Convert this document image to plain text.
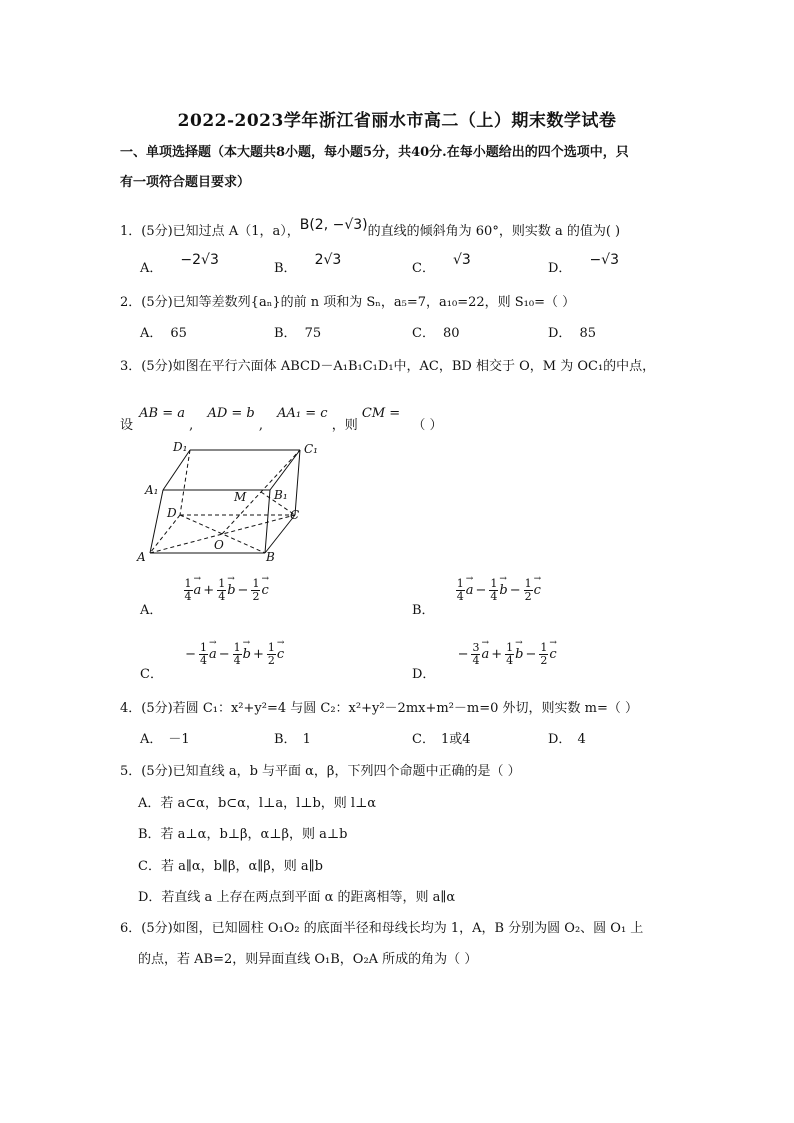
2022-2023学年浙江省丽水市高二（上）期末数学试卷
一、单项选择题（本大题共8小题，每小题5分，共40分.在每小题给出的四个选项中，只
有一项符合题目要求）
1．(5分)已知过点 A（1，a），B(2, −√3)的直线的倾斜角为 60°，则实数 a 的值为( )
A．−2√3
B．2√3
C．√3
D．−√3
2．(5分)已知等差数列{aₙ}的前 n 项和为 Sₙ，a₅=7，a₁₀=22，则 S₁₀=（ ）
A． 65	B． 75	C． 80	D． 85
3．(5分)如图在平行六面体 ABCD－A₁B₁C₁D₁中，AC，BD 相交于 O，M 为 OC₁的中点，
设 AB = a , AD = b , AA₁ = c ，则 CM = （ ）
D₁	C₁
A₁	B₁
M
D	C
O
A	B
A．
$\frac{1}{4}$
→ $a + \frac{1}{4}$
→ $b - \frac{1}{2}$
→ c
B．
$\frac{1}{4}$
→ $a - \frac{1}{4}$
→ $b - \frac{1}{2}$
→ c
C． − $\frac{1}{4}$
→ $a - \frac{1}{4}$
→ $b + \frac{1}{2}$
→ c
D． − $\frac{3}{4}$
→ $a + \frac{1}{4}$
→ $b - \frac{1}{2}$
→ c
4．(5分)若圆 C₁：x²+y²=4 与圆 C₂：x²+y²－2mx+m²－m=0 外切，则实数 m=（ ）
A． －1	B． 1	C． 1或4	D． 4
5．(5分)已知直线 a，b 与平面 α，β，下列四个命题中正确的是（ ）
A．若 a⊂α，b⊂α，l⊥a，l⊥b，则 l⊥α
B．若 a⊥α，b⊥β，α⊥β，则 a⊥b
C．若 a∥α，b∥β，α∥β，则 a∥b
D．若直线 a 上存在两点到平面 α 的距离相等，则 a∥α
6．(5分)如图，已知圆柱 O₁O₂ 的底面半径和母线长均为 1，A，B 分别为圆 O₂、圆 O₁ 上
的点，若 AB=2，则异面直线 O₁B，O₂A 所成的角为（ ）
